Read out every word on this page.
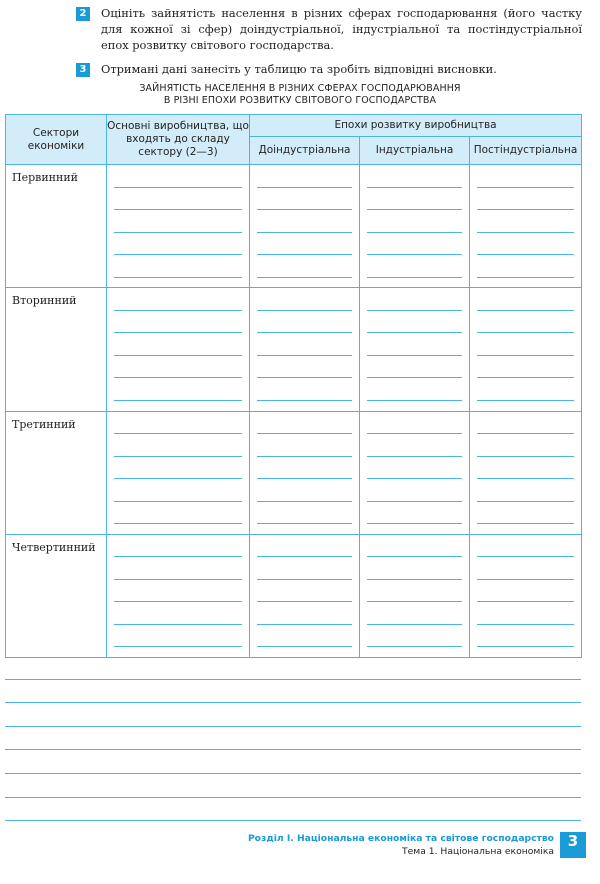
2	Оцініть зайнятість населення в різних сферах господарювання (його частку для кожної зі сфер) доіндустріальної, індустріальної та постіндустріальної епох розвитку світового господарства.
3	Отримані дані занесіть у таблицю та зробіть відповідні висновки.
ЗАЙНЯТІСТЬ НАСЕЛЕННЯ В РІЗНИХ СФЕРАХ ГОСПОДАРЮВАННЯ
В РІЗНІ ЕПОХИ РОЗВИТКУ СВІТОВОГО ГОСПОДАРСТВА
Сектори економіки	Основні виробництва, що входять до складу сектору (2—3)	Епохи розвитку виробництва		
		Доіндустріальна	Індустріальна	Постіндустріальна
Первинний	

Вторинний	

Третинний	

Четвертинний	

Розділ І. Національна економіка та світове господарство
Тема 1. Національна економіка
3
